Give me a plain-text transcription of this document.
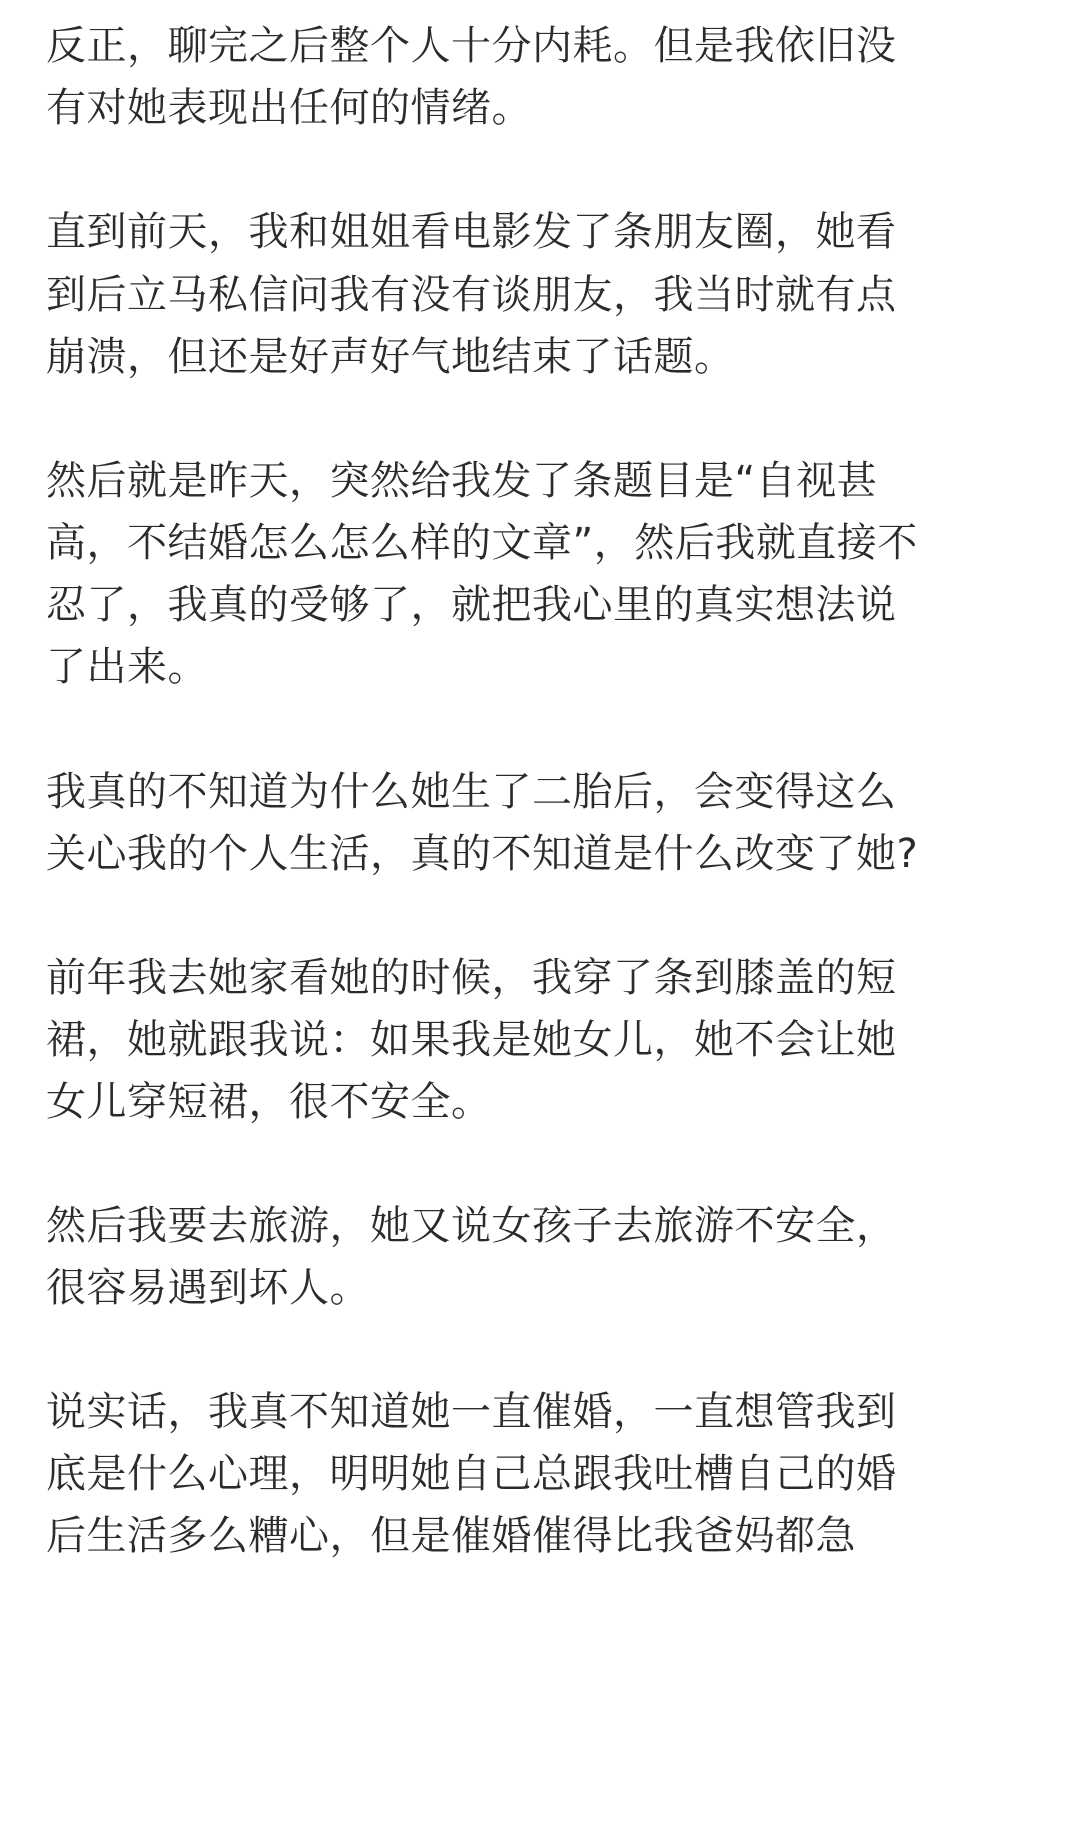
反正，聊完之后整个人十分内耗。但是我依旧没
有对她表现出任何的情绪。
直到前天，我和姐姐看电影发了条朋友圈，她看
到后立马私信问我有没有谈朋友，我当时就有点
崩溃，但还是好声好气地结束了话题。
然后就是昨天，突然给我发了条题目是“自视甚
高，不结婚怎么怎么样的文章”，然后我就直接不
忍了，我真的受够了，就把我心里的真实想法说
了出来。
我真的不知道为什么她生了二胎后，会变得这么
关心我的个人生活，真的不知道是什么改变了她?
前年我去她家看她的时候，我穿了条到膝盖的短
裙，她就跟我说：如果我是她女儿，她不会让她
女儿穿短裙，很不安全。
然后我要去旅游，她又说女孩子去旅游不安全，
很容易遇到坏人。
说实话，我真不知道她一直催婚，一直想管我到
底是什么心理，明明她自己总跟我吐槽自己的婚
后生活多么糟心，但是催婚催得比我爸妈都急
